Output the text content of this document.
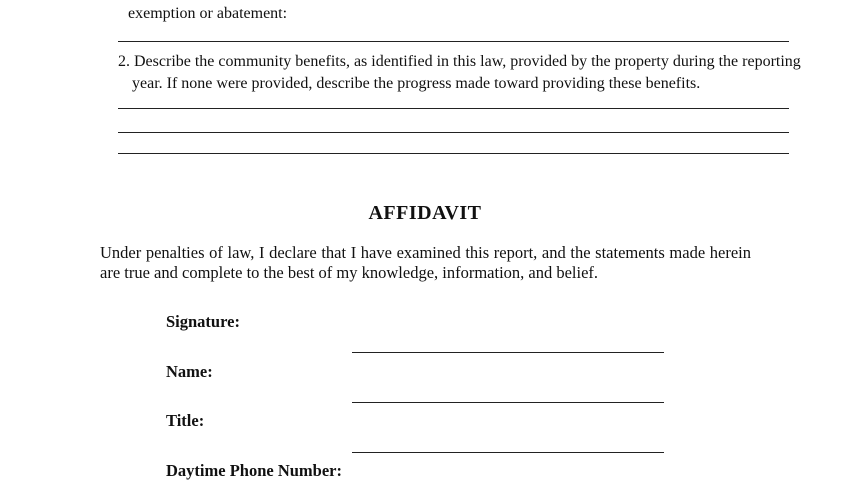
exemption or abatement:
2. Describe the community benefits, as identified in this law, provided by the property during the reporting
year. If none were provided, describe the progress made toward providing these benefits.
AFFIDAVIT
Under penalties of law, I declare that I have examined this report, and the statements made herein are true and complete to the best of my knowledge, information, and belief.
Signature:
Name:
Title:
Daytime Phone Number:
